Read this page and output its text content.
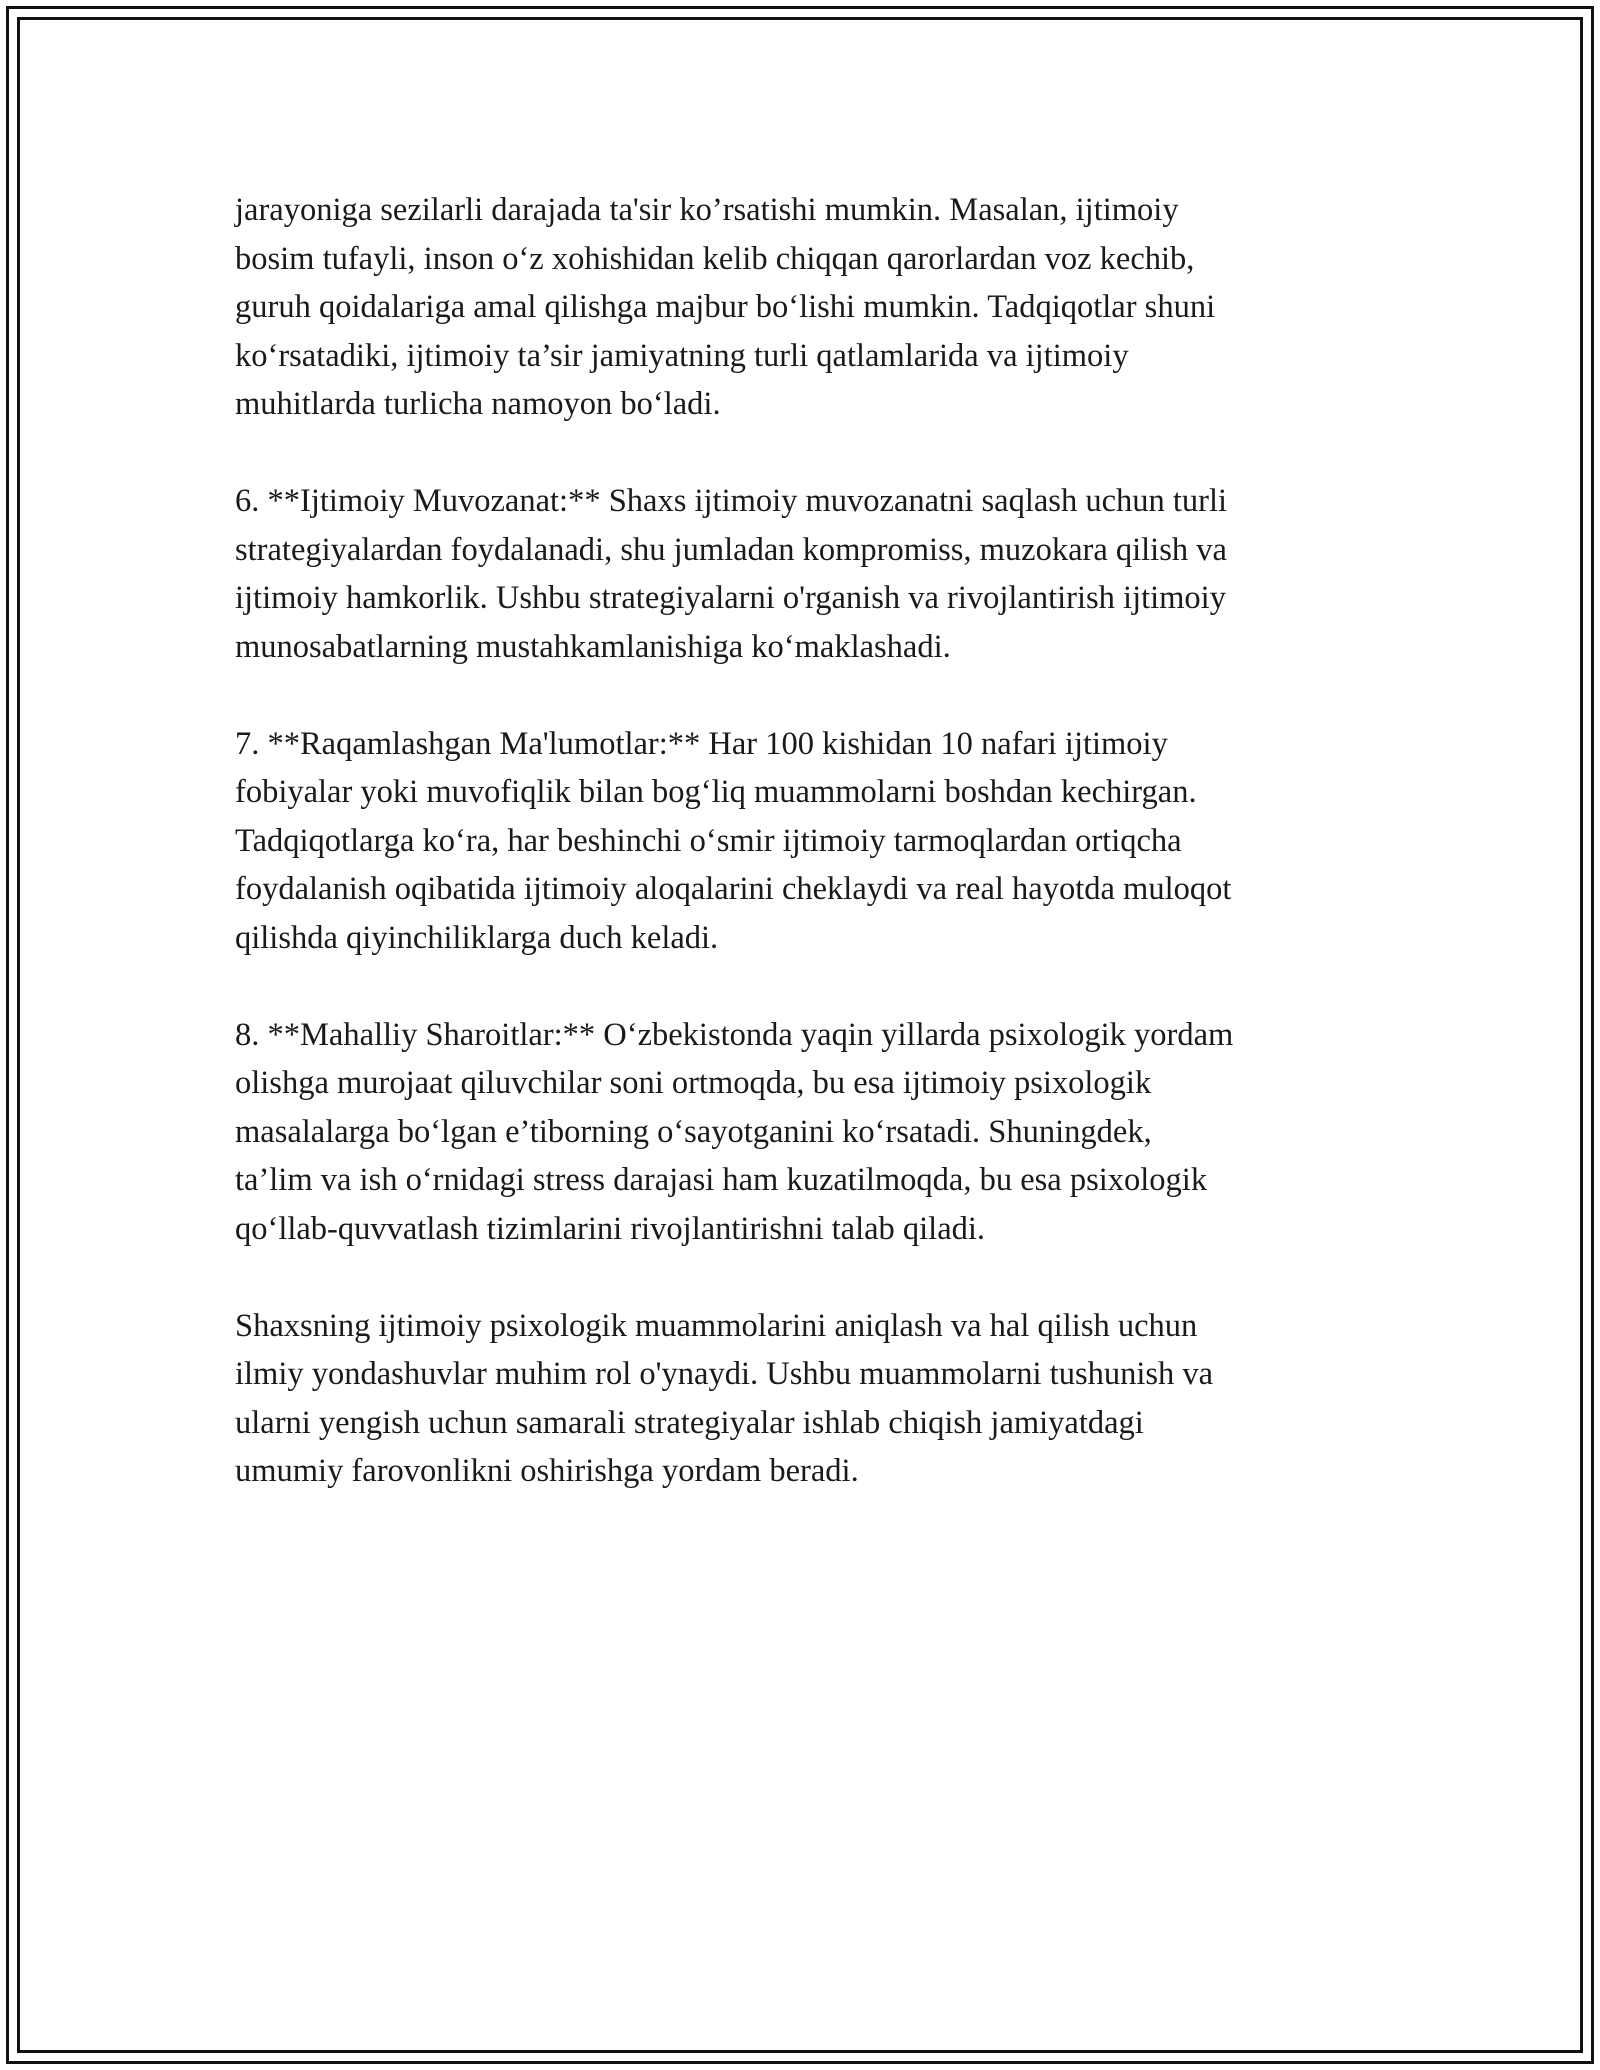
jarayoniga sezilarli darajada ta'sir ko’rsatishi mumkin. Masalan, ijtimoiy
bosim tufayli, inson o‘z xohishidan kelib chiqqan qarorlardan voz kechib,
guruh qoidalariga amal qilishga majbur bo‘lishi mumkin. Tadqiqotlar shuni
ko‘rsatadiki, ijtimoiy ta’sir jamiyatning turli qatlamlarida va ijtimoiy
muhitlarda turlicha namoyon bo‘ladi.

6. **Ijtimoiy Muvozanat:** Shaxs ijtimoiy muvozanatni saqlash uchun turli
strategiyalardan foydalanadi, shu jumladan kompromiss, muzokara qilish va
ijtimoiy hamkorlik. Ushbu strategiyalarni o'rganish va rivojlantirish ijtimoiy
munosabatlarning mustahkamlanishiga ko‘maklashadi.

7. **Raqamlashgan Ma'lumotlar:** Har 100 kishidan 10 nafari ijtimoiy
fobiyalar yoki muvofiqlik bilan bog‘liq muammolarni boshdan kechirgan.
Tadqiqotlarga ko‘ra, har beshinchi o‘smir ijtimoiy tarmoqlardan ortiqcha
foydalanish oqibatida ijtimoiy aloqalarini cheklaydi va real hayotda muloqot
qilishda qiyinchiliklarga duch keladi.

8. **Mahalliy Sharoitlar:** O‘zbekistonda yaqin yillarda psixologik yordam
olishga murojaat qiluvchilar soni ortmoqda, bu esa ijtimoiy psixologik
masalalarga bo‘lgan e’tiborning o‘sayotganini ko‘rsatadi. Shuningdek,
ta’lim va ish o‘rnidagi stress darajasi ham kuzatilmoqda, bu esa psixologik
qo‘llab-quvvatlash tizimlarini rivojlantirishni talab qiladi.

Shaxsning ijtimoiy psixologik muammolarini aniqlash va hal qilish uchun
ilmiy yondashuvlar muhim rol o'ynaydi. Ushbu muammolarni tushunish va
ularni yengish uchun samarali strategiyalar ishlab chiqish jamiyatdagi
umumiy farovonlikni oshirishga yordam beradi.
